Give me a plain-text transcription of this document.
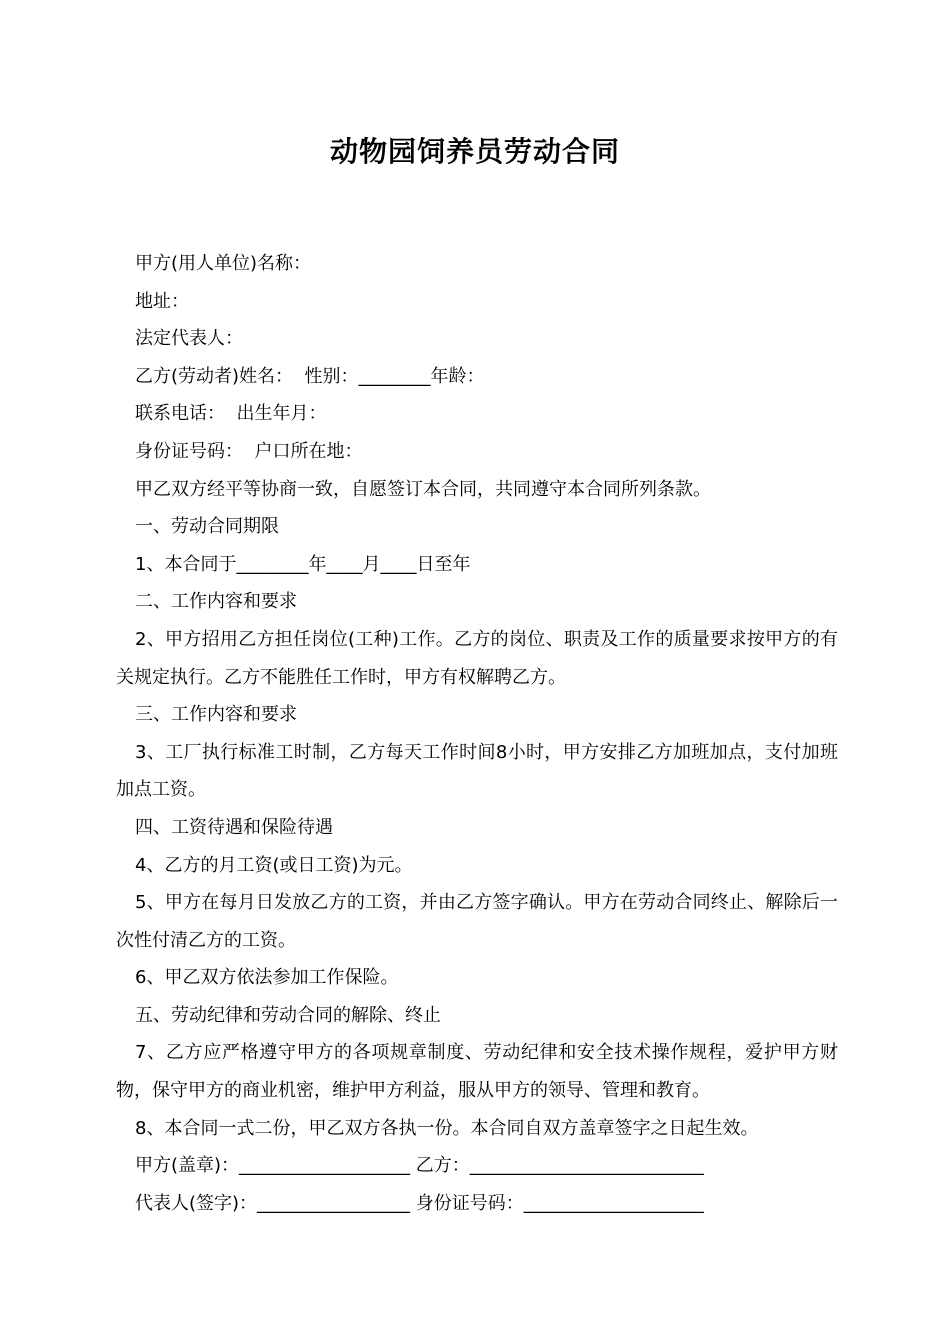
动物园饲养员劳动合同

甲方(用人单位)名称：

地址：

法定代表人：

乙方(劳动者)姓名：  性别：________年龄：

联系电话：  出生年月：

身份证号码：  户口所在地：

甲乙双方经平等协商一致，自愿签订本合同，共同遵守本合同所列条款。

一、劳动合同期限

1、本合同于________年____月____日至年

二、工作内容和要求

2、甲方招用乙方担任岗位(工种)工作。乙方的岗位、职责及工作的质量要求按甲方的有关规定执行。乙方不能胜任工作时，甲方有权解聘乙方。

三、工作内容和要求

3、工厂执行标准工时制，乙方每天工作时间8小时，甲方安排乙方加班加点，支付加班加点工资。

四、工资待遇和保险待遇

4、乙方的月工资(或日工资)为元。

5、甲方在每月日发放乙方的工资，并由乙方签字确认。甲方在劳动合同终止、解除后一次性付清乙方的工资。

6、甲乙双方依法参加工作保险。

五、劳动纪律和劳动合同的解除、终止

7、乙方应严格遵守甲方的各项规章制度、劳动纪律和安全技术操作规程，爱护甲方财物，保守甲方的商业机密，维护甲方利益，服从甲方的领导、管理和教育。

8、本合同一式二份，甲乙双方各执一份。本合同自双方盖章签字之日起生效。

甲方(盖章)：___________________ 乙方：__________________________

代表人(签字)：_________________ 身份证号码：____________________
